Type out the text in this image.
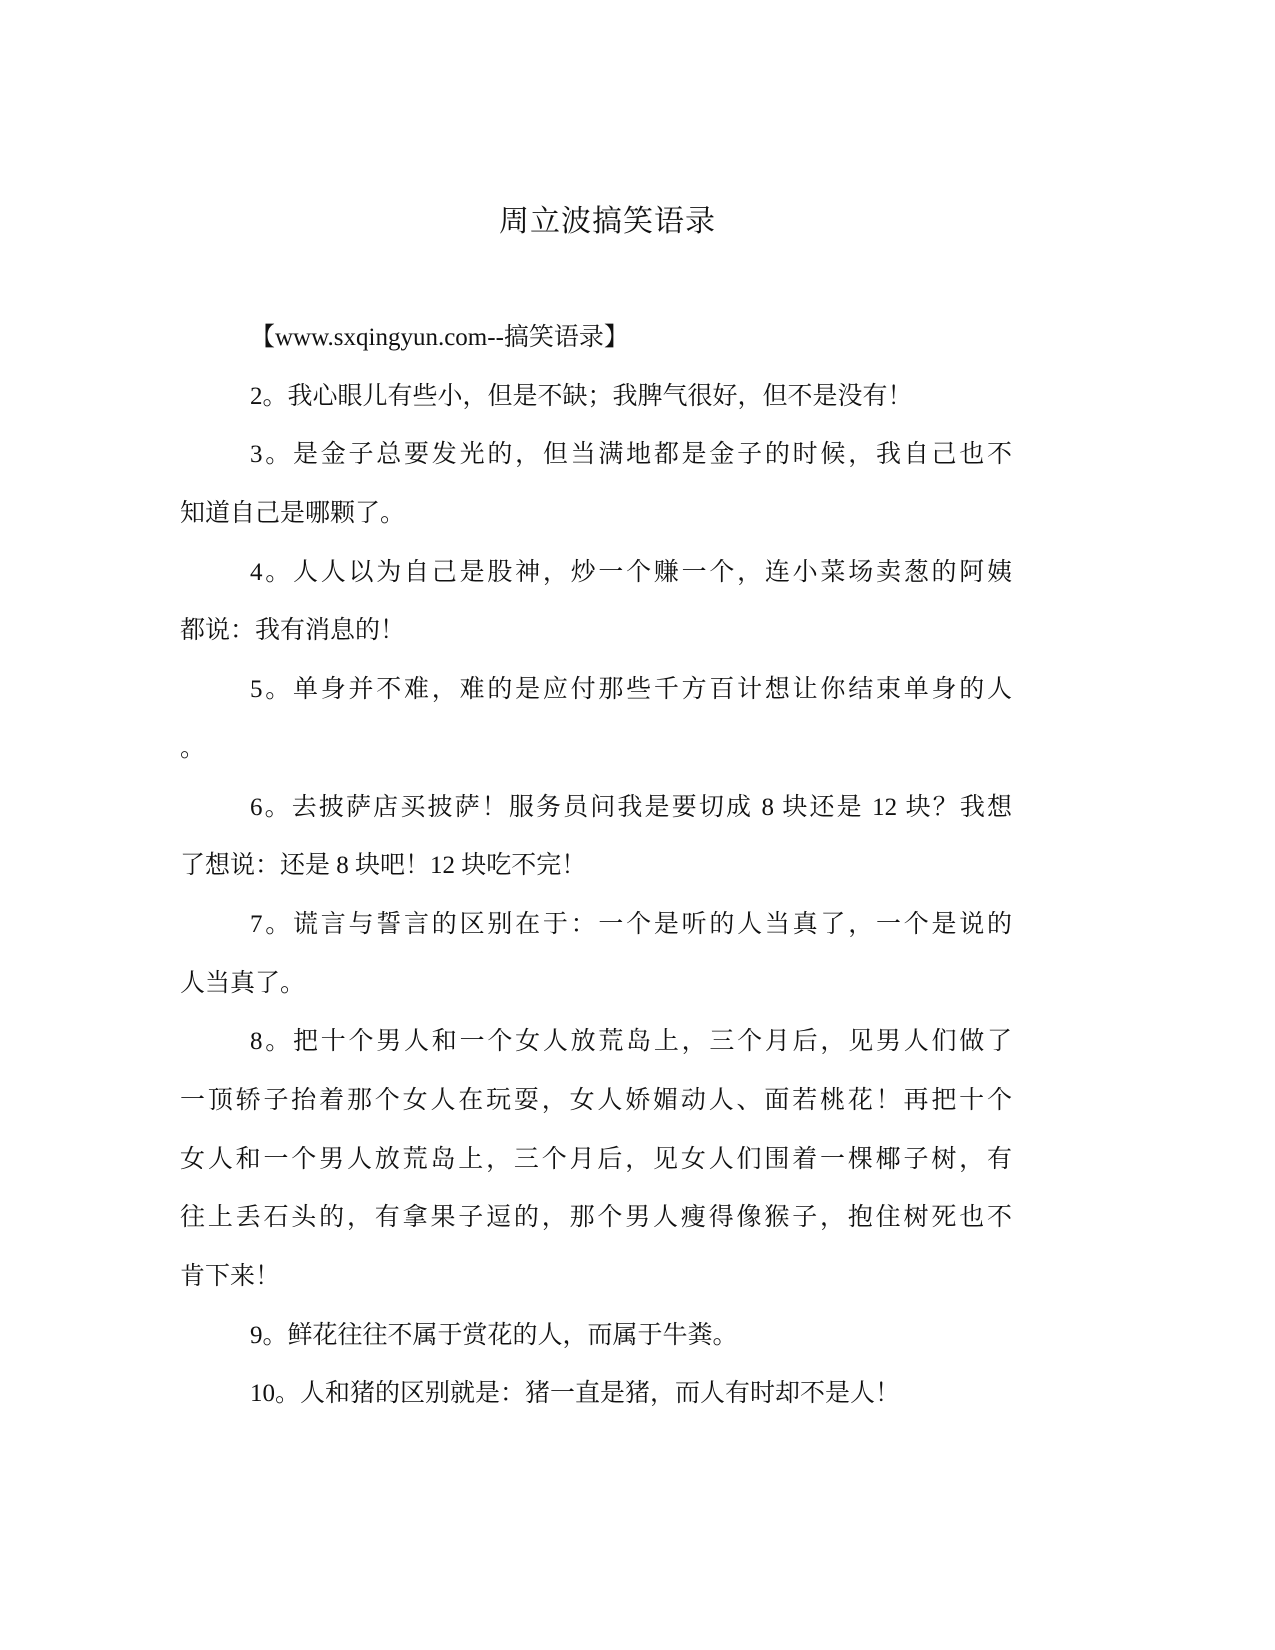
周立波搞笑语录
【www.sxqingyun.com--搞笑语录】
2。我心眼儿有些小，但是不缺；我脾气很好，但不是没有！
3。是金子总要发光的，但当满地都是金子的时候，我自己也不
知道自己是哪颗了。
4。人人以为自己是股神，炒一个赚一个，连小菜场卖葱的阿姨
都说：我有消息的！
5。单身并不难，难的是应付那些千方百计想让你结束单身的人
。
6。去披萨店买披萨！服务员问我是要切成 8 块还是 12 块？我想
了想说：还是 8 块吧！12 块吃不完！
7。谎言与誓言的区别在于：一个是听的人当真了，一个是说的
人当真了。
8。把十个男人和一个女人放荒岛上，三个月后，见男人们做了
一顶轿子抬着那个女人在玩耍，女人娇媚动人、面若桃花！再把十个
女人和一个男人放荒岛上，三个月后，见女人们围着一棵椰子树，有
往上丢石头的，有拿果子逗的，那个男人瘦得像猴子，抱住树死也不
肯下来！
9。鲜花往往不属于赏花的人，而属于牛粪。
10。人和猪的区别就是：猪一直是猪，而人有时却不是人！
